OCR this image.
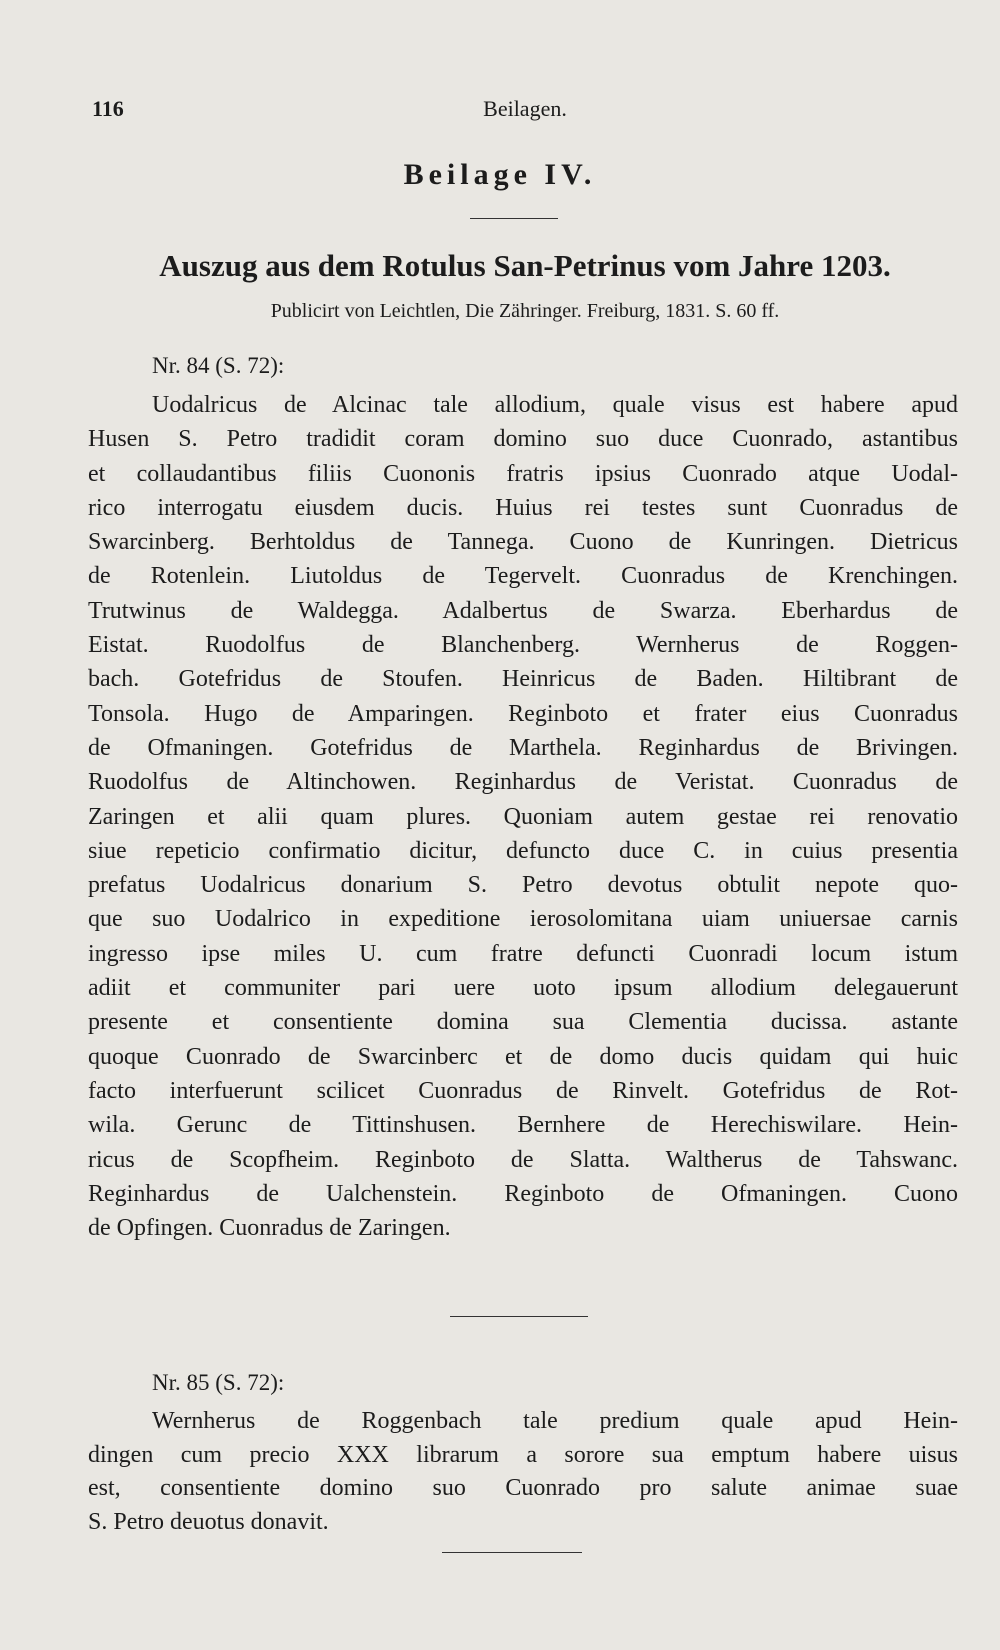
116	Beilagen.
Beilage IV.
Auszug aus dem Rotulus San-Petrinus vom Jahre 1203.
Publicirt von Leichtlen, Die Zähringer. Freiburg, 1831. S. 60 ff.
Nr. 84 (S. 72):
Uodalricus de Alcinac tale allodium, quale visus est habere apud
Husen S. Petro tradidit coram domino suo duce Cuonrado, astantibus
et collaudantibus filiis Cuononis fratris ipsius Cuonrado atque Uodal-
rico interrogatu eiusdem ducis. Huius rei testes sunt Cuonradus de
Swarcinberg. Berhtoldus de Tannega. Cuono de Kunringen. Dietricus
de Rotenlein. Liutoldus de Tegervelt. Cuonradus de Krenchingen.
Trutwinus de Waldegga. Adalbertus de Swarza. Eberhardus de
Eistat. Ruodolfus de Blanchenberg. Wernherus de Roggen-
bach. Gotefridus de Stoufen. Heinricus de Baden. Hiltibrant de
Tonsola. Hugo de Amparingen. Reginboto et frater eius Cuonradus
de Ofmaningen. Gotefridus de Marthela. Reginhardus de Brivingen.
Ruodolfus de Altinchowen. Reginhardus de Veristat. Cuonradus de
Zaringen et alii quam plures. Quoniam autem gestae rei renovatio
siue repeticio confirmatio dicitur, defuncto duce C. in cuius presentia
prefatus Uodalricus donarium S. Petro devotus obtulit nepote quo-
que suo Uodalrico in expeditione ierosolomitana uiam uniuersae carnis
ingresso ipse miles U. cum fratre defuncti Cuonradi locum istum
adiit et communiter pari uere uoto ipsum allodium delegauerunt
presente et consentiente domina sua Clementia ducissa. astante
quoque Cuonrado de Swarcinberc et de domo ducis quidam qui huic
facto interfuerunt scilicet Cuonradus de Rinvelt. Gotefridus de Rot-
wila. Gerunc de Tittinshusen. Bernhere de Herechiswilare. Hein-
ricus de Scopfheim. Reginboto de Slatta. Waltherus de Tahswanc.
Reginhardus de Ualchenstein. Reginboto de Ofmaningen. Cuono
de Opfingen. Cuonradus de Zaringen.
Nr. 85 (S. 72):
Wernherus de Roggenbach tale predium quale apud Hein-
dingen cum precio XXX librarum a sorore sua emptum habere uisus
est, consentiente domino suo Cuonrado pro salute animae suae
S. Petro deuotus donavit.
